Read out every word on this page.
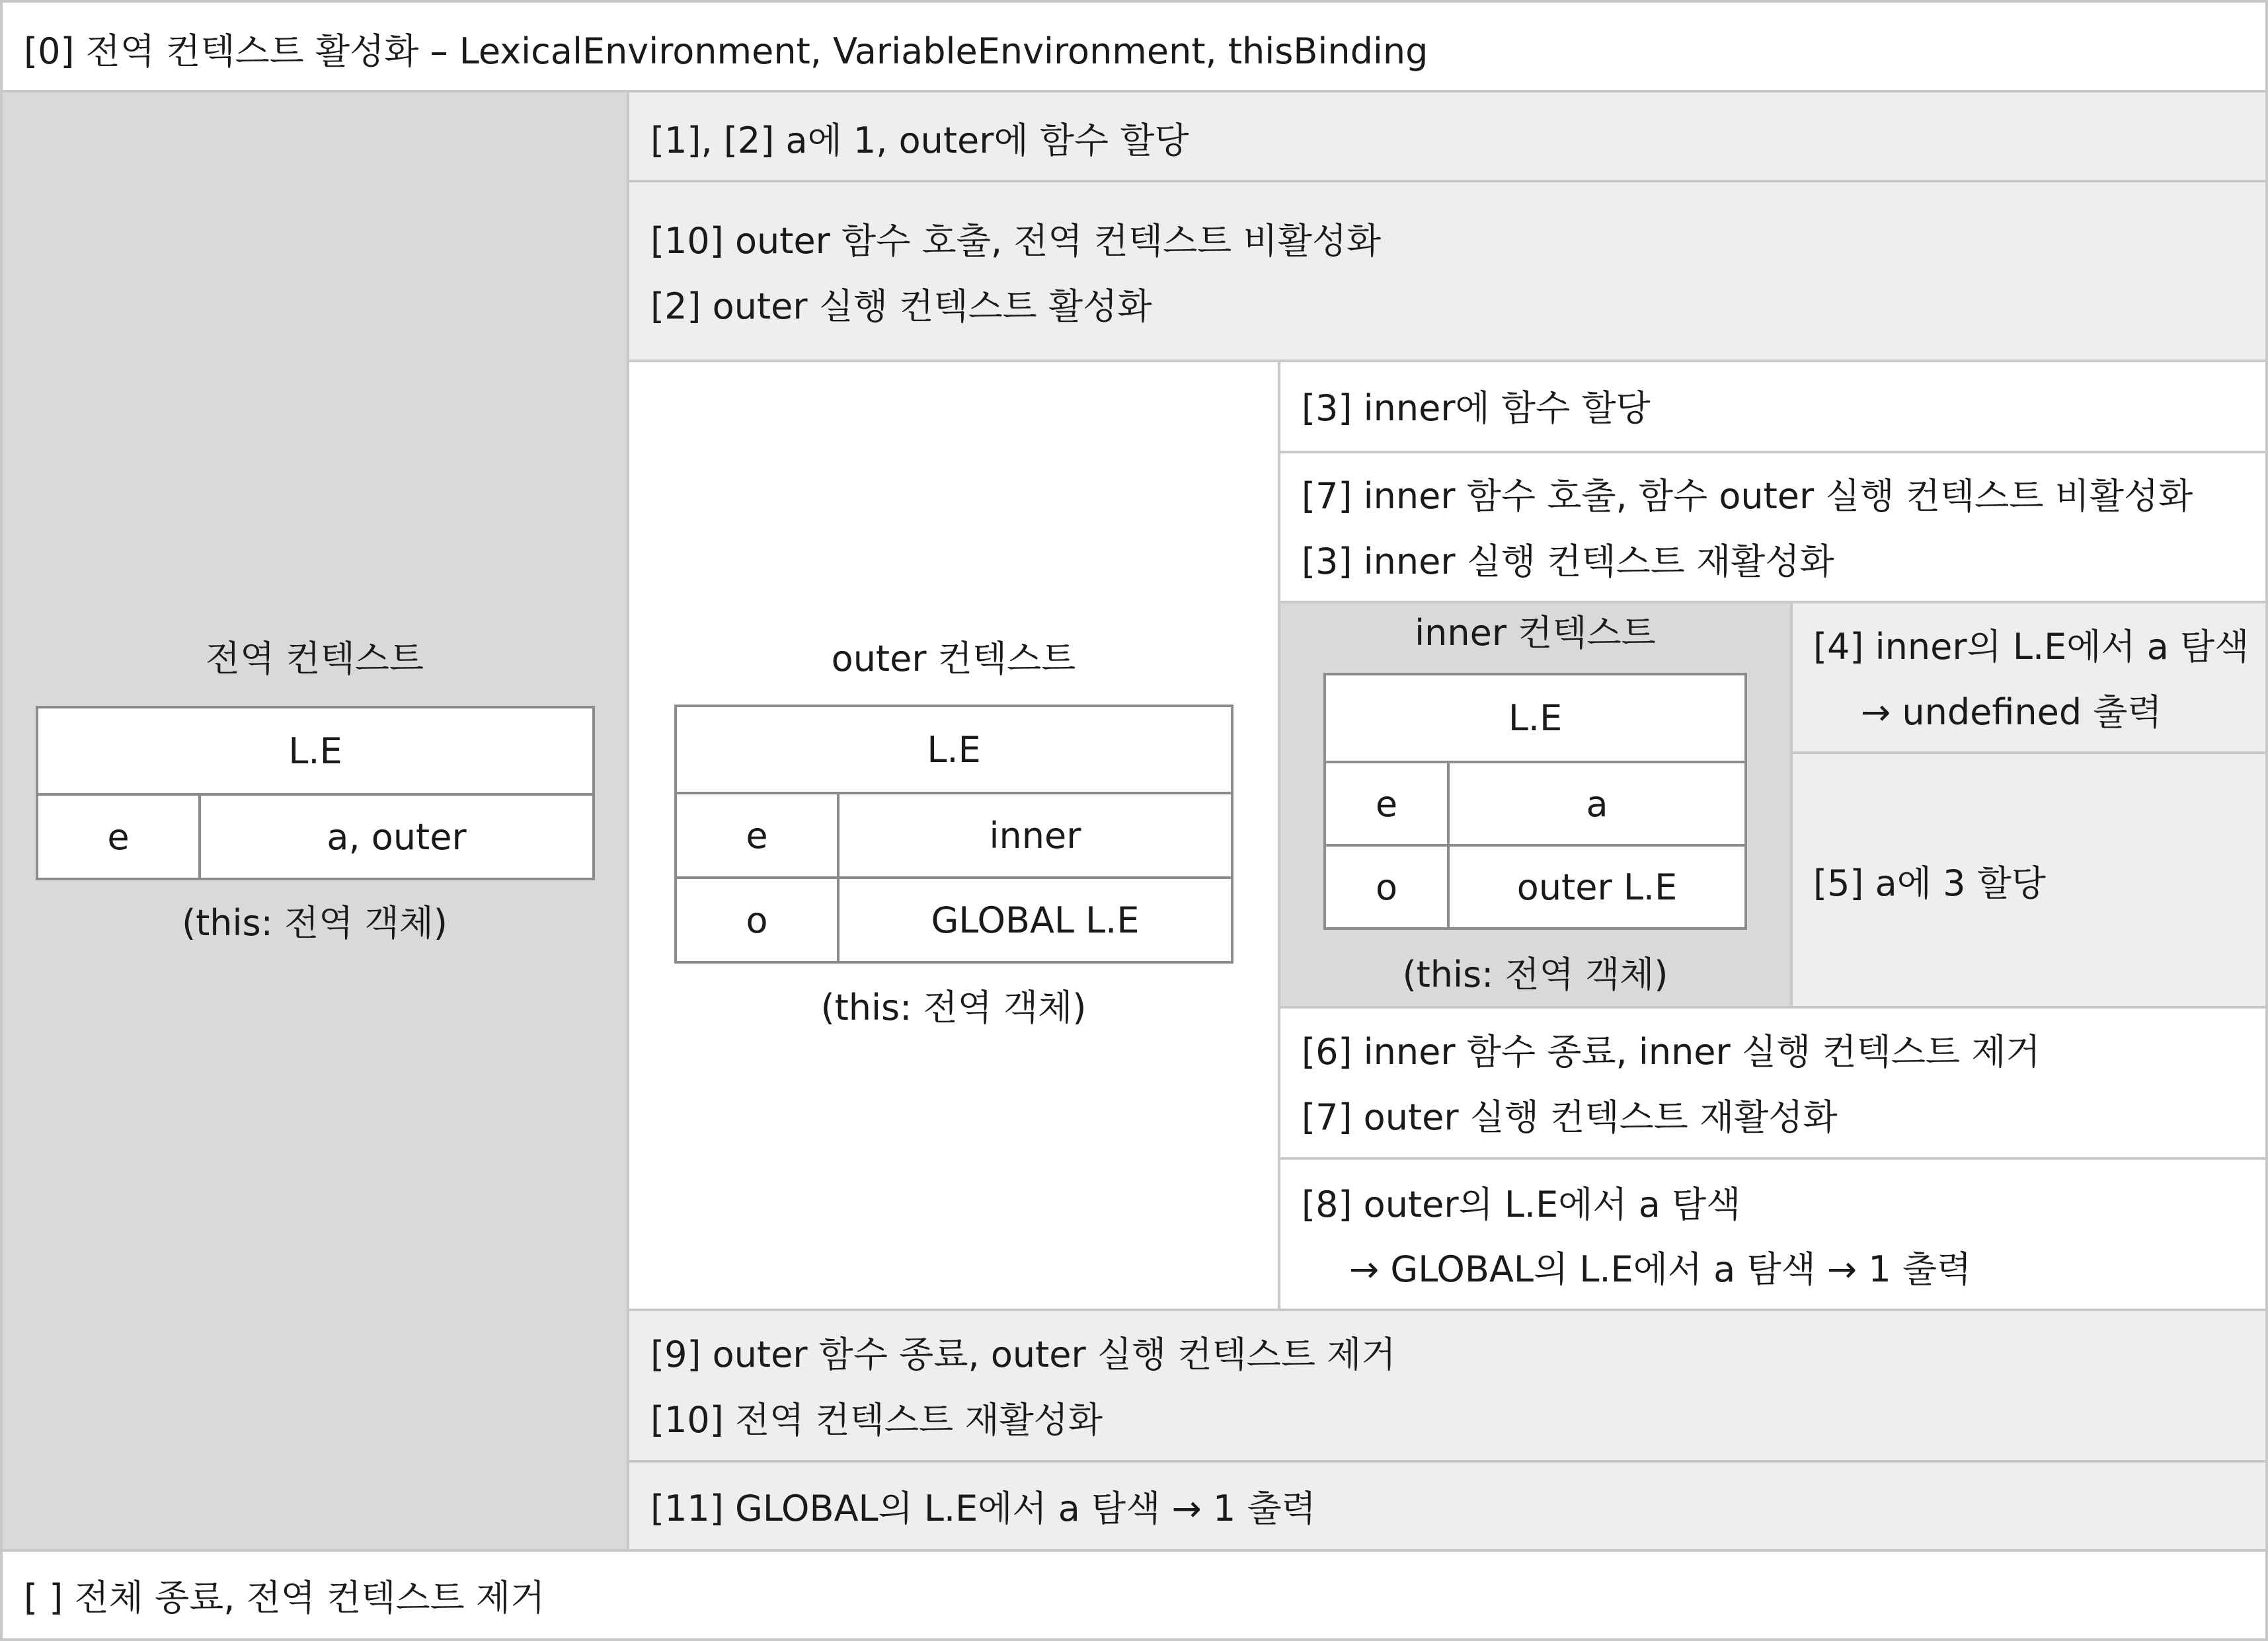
[0] 전역 컨텍스트 활성화 – LexicalEnvironment, VariableEnvironment, thisBinding
[ ] 전체 종료, 전역 컨텍스트 제거
전역 컨텍스트
L.E
e	a, outer
(this: 전역 객체)
[1], [2] a에 1, outer에 함수 할당
[10] outer 함수 호출, 전역 컨텍스트 비활성화
[2] outer 실행 컨텍스트 활성화
[9] outer 함수 종료, outer 실행 컨텍스트 제거
[10] 전역 컨텍스트 재활성화
[11] GLOBAL의 L.E에서 a 탐색 → 1 출력
outer 컨텍스트
L.E	
e	inner
o	GLOBAL L.E
(this: 전역 객체)
[3] inner에 함수 할당
[7] inner 함수 호출, 함수 outer 실행 컨텍스트 비활성화
[3] inner 실행 컨텍스트 재활성화
[4] inner의 L.E에서 a 탐색
→ undefined 출력
[5] a에 3 할당
[6] inner 함수 종료, inner 실행 컨텍스트 제거
[7] outer 실행 컨텍스트 재활성화
[8] outer의 L.E에서 a 탐색
→ GLOBAL의 L.E에서 a 탐색 → 1 출력
inner 컨텍스트
L.E	
e	a
o	outer L.E
(this: 전역 객체)
